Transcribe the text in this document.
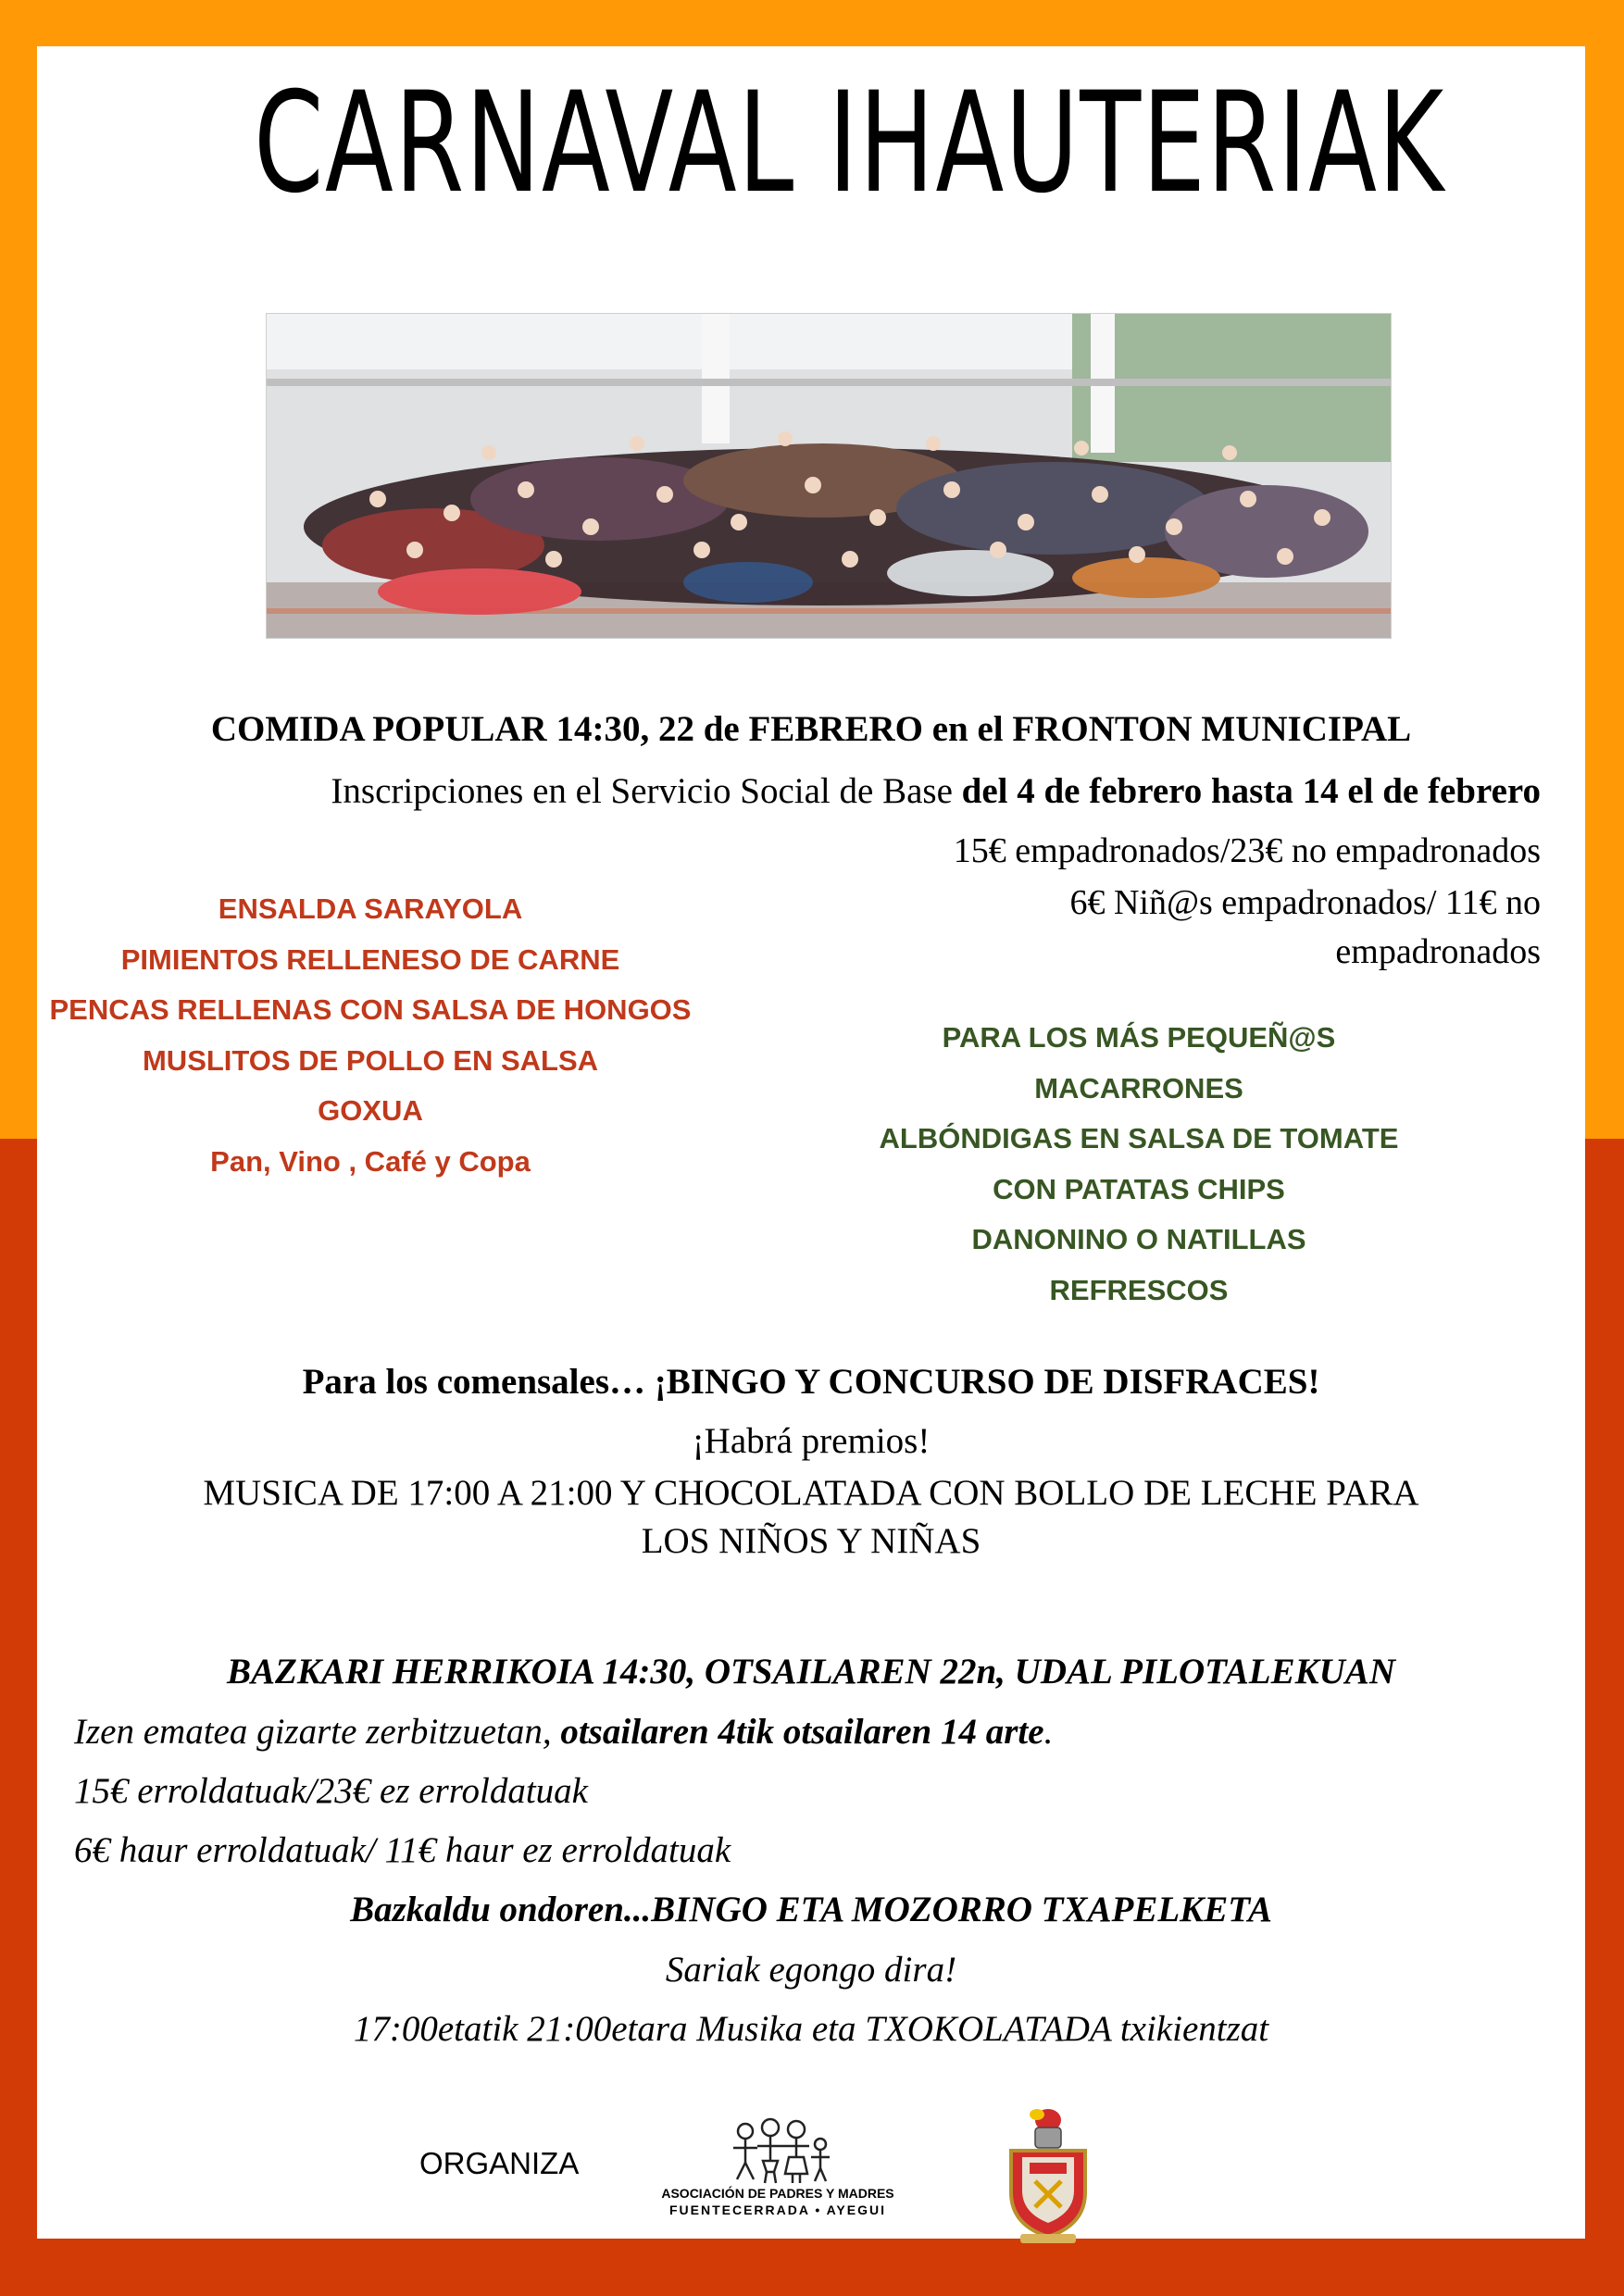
CARNAVAL IHAUTERIAK
COMIDA POPULAR 14:30, 22 de FEBRERO en el FRONTON MUNICIPAL
Inscripciones en el Servicio Social de Base del 4 de febrero hasta 14 el de febrero
15€ empadronados/23€ no empadronados
6€ Niñ@s empadronados/ 11€ no
empadronados
ENSALDA SARAYOLA
PIMIENTOS RELLENESO DE CARNE
PENCAS RELLENAS CON SALSA DE HONGOS
MUSLITOS DE POLLO EN SALSA
GOXUA
Pan, Vino , Café y Copa
PARA LOS MÁS PEQUEÑ@S
MACARRONES
ALBÓNDIGAS EN SALSA DE TOMATE
CON PATATAS CHIPS
DANONINO O NATILLAS
REFRESCOS
Para los comensales… ¡BINGO Y CONCURSO DE DISFRACES!
¡Habrá premios!
MUSICA DE 17:00 A 21:00 Y CHOCOLATADA CON BOLLO DE LECHE PARA
LOS NIÑOS Y NIÑAS
BAZKARI HERRIKOIA 14:30, OTSAILAREN 22n, UDAL PILOTALEKUAN
Izen ematea gizarte zerbitzuetan, otsailaren 4tik otsailaren 14 arte.
15€ erroldatuak/23€ ez erroldatuak
6€ haur erroldatuak/ 11€ haur ez erroldatuak
Bazkaldu ondoren...BINGO ETA MOZORRO TXAPELKETA
Sariak egongo dira!
17:00etatik 21:00etara Musika eta TXOKOLATADA txikientzat
ORGANIZA
ASOCIACIÓN DE PADRES Y MADRES
FUENTECERRADA • AYEGUI
